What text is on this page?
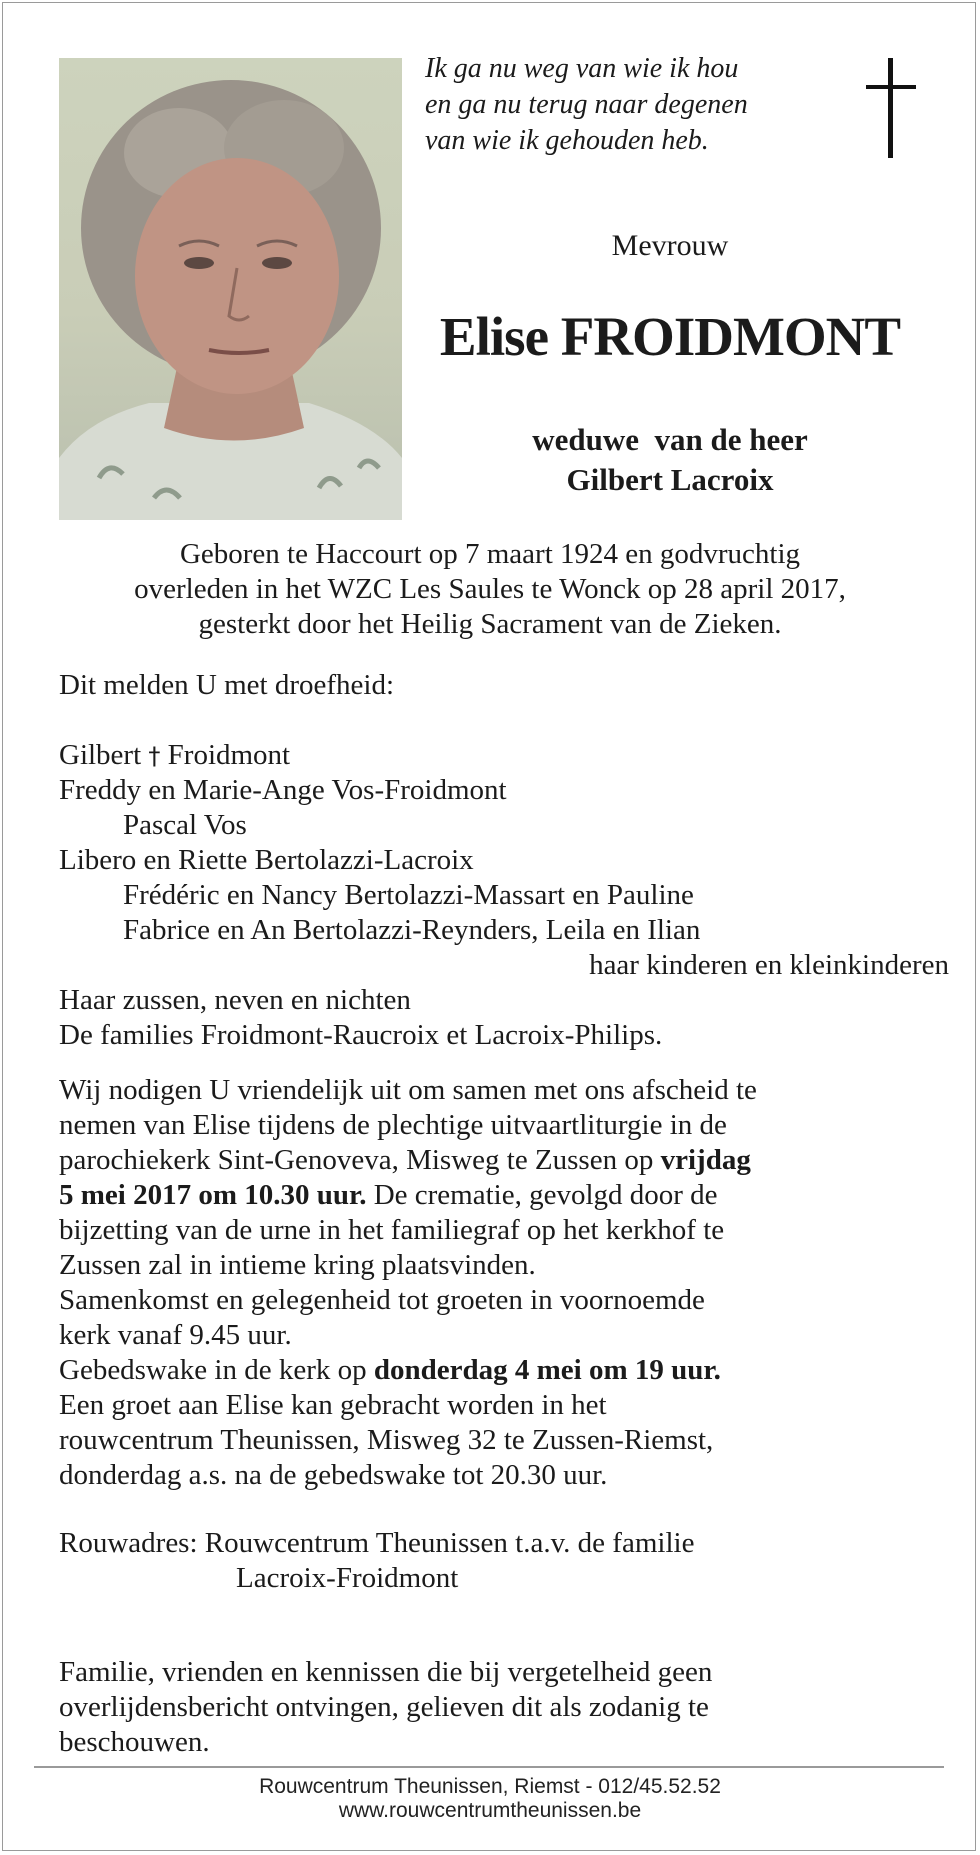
Ik ga nu weg van wie ik hou
en ga nu terug naar degenen
van wie ik gehouden heb.
Mevrouw
Elise FROIDMONT
weduwe  van de heer
Gilbert Lacroix
Geboren te Haccourt op 7 maart 1924 en godvruchtig
overleden in het WZC Les Saules te Wonck op 28 april 2017,
gesterkt door het Heilig Sacrament van de Zieken.
Dit melden U met droefheid:
Gilbert † Froidmont
Freddy en Marie-Ange Vos-Froidmont
Pascal Vos
Libero en Riette Bertolazzi-Lacroix
Frédéric en Nancy Bertolazzi-Massart en Pauline
Fabrice en An Bertolazzi-Reynders, Leila en Ilian
haar kinderen en kleinkinderen
Haar zussen, neven en nichten
De families Froidmont-Raucroix et Lacroix-Philips.
Wij nodigen U vriendelijk uit om samen met ons afscheid te
nemen van Elise tijdens de plechtige uitvaartliturgie in de
parochiekerk Sint-Genoveva, Misweg te Zussen op vrijdag
5 mei 2017 om 10.30 uur. De crematie, gevolgd door de
bijzetting van de urne in het familiegraf op het kerkhof te
Zussen zal in intieme kring plaatsvinden.
Samenkomst en gelegenheid tot groeten in voornoemde
kerk vanaf 9.45 uur.
Gebedswake in de kerk op donderdag 4 mei om 19 uur.
Een groet aan Elise kan gebracht worden in het
rouwcentrum Theunissen, Misweg 32 te Zussen-Riemst,
donderdag a.s. na de gebedswake tot 20.30 uur.
Rouwadres: Rouwcentrum Theunissen t.a.v. de familie
Lacroix-Froidmont
Familie, vrienden en kennissen die bij vergetelheid geen
overlijdensbericht ontvingen, gelieven dit als zodanig te
beschouwen.
Rouwcentrum Theunissen, Riemst - 012/45.52.52
www.rouwcentrumtheunissen.be
